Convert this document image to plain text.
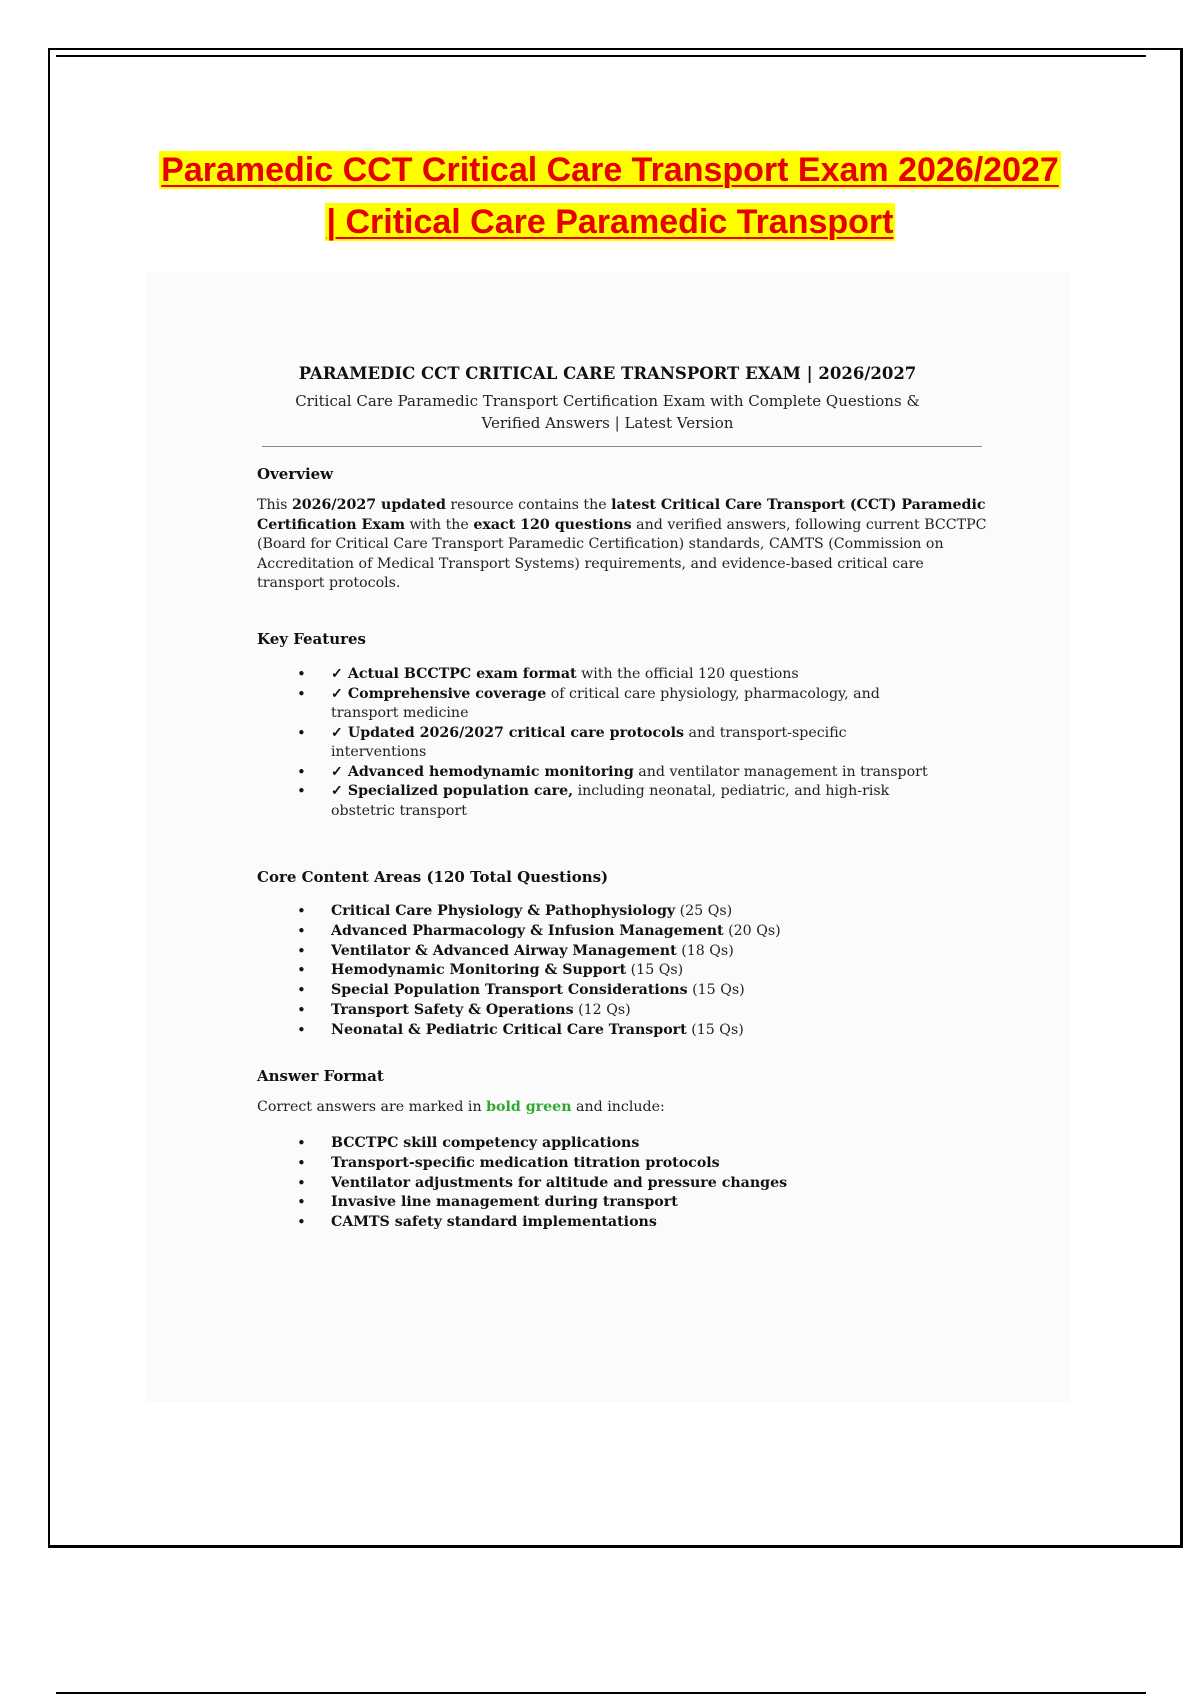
Paramedic CCT Critical Care Transport Exam 2026/2027
| Critical Care Paramedic Transport
PARAMEDIC CCT CRITICAL CARE TRANSPORT EXAM | 2026/2027
Critical Care Paramedic Transport Certification Exam with Complete Questions &
Verified Answers | Latest Version
Overview
This 2026/2027 updated resource contains the latest Critical Care Transport (CCT) Paramedic Certification Exam with the exact 120 questions and verified answers, following current BCCTPC (Board for Critical Care Transport Paramedic Certification) standards, CAMTS (Commission on Accreditation of Medical Transport Systems) requirements, and evidence-based critical care transport protocols.
Key Features
• ✓ Actual BCCTPC exam format with the official 120 questions
• ✓ Comprehensive coverage of critical care physiology, pharmacology, and transport medicine
• ✓ Updated 2026/2027 critical care protocols and transport-specific interventions
• ✓ Advanced hemodynamic monitoring and ventilator management in transport
• ✓ Specialized population care, including neonatal, pediatric, and high-risk obstetric transport
Core Content Areas (120 Total Questions)
• Critical Care Physiology & Pathophysiology (25 Qs)
• Advanced Pharmacology & Infusion Management (20 Qs)
• Ventilator & Advanced Airway Management (18 Qs)
• Hemodynamic Monitoring & Support (15 Qs)
• Special Population Transport Considerations (15 Qs)
• Transport Safety & Operations (12 Qs)
• Neonatal & Pediatric Critical Care Transport (15 Qs)
Answer Format
Correct answers are marked in bold green and include:
• BCCTPC skill competency applications
• Transport-specific medication titration protocols
• Ventilator adjustments for altitude and pressure changes
• Invasive line management during transport
• CAMTS safety standard implementations
